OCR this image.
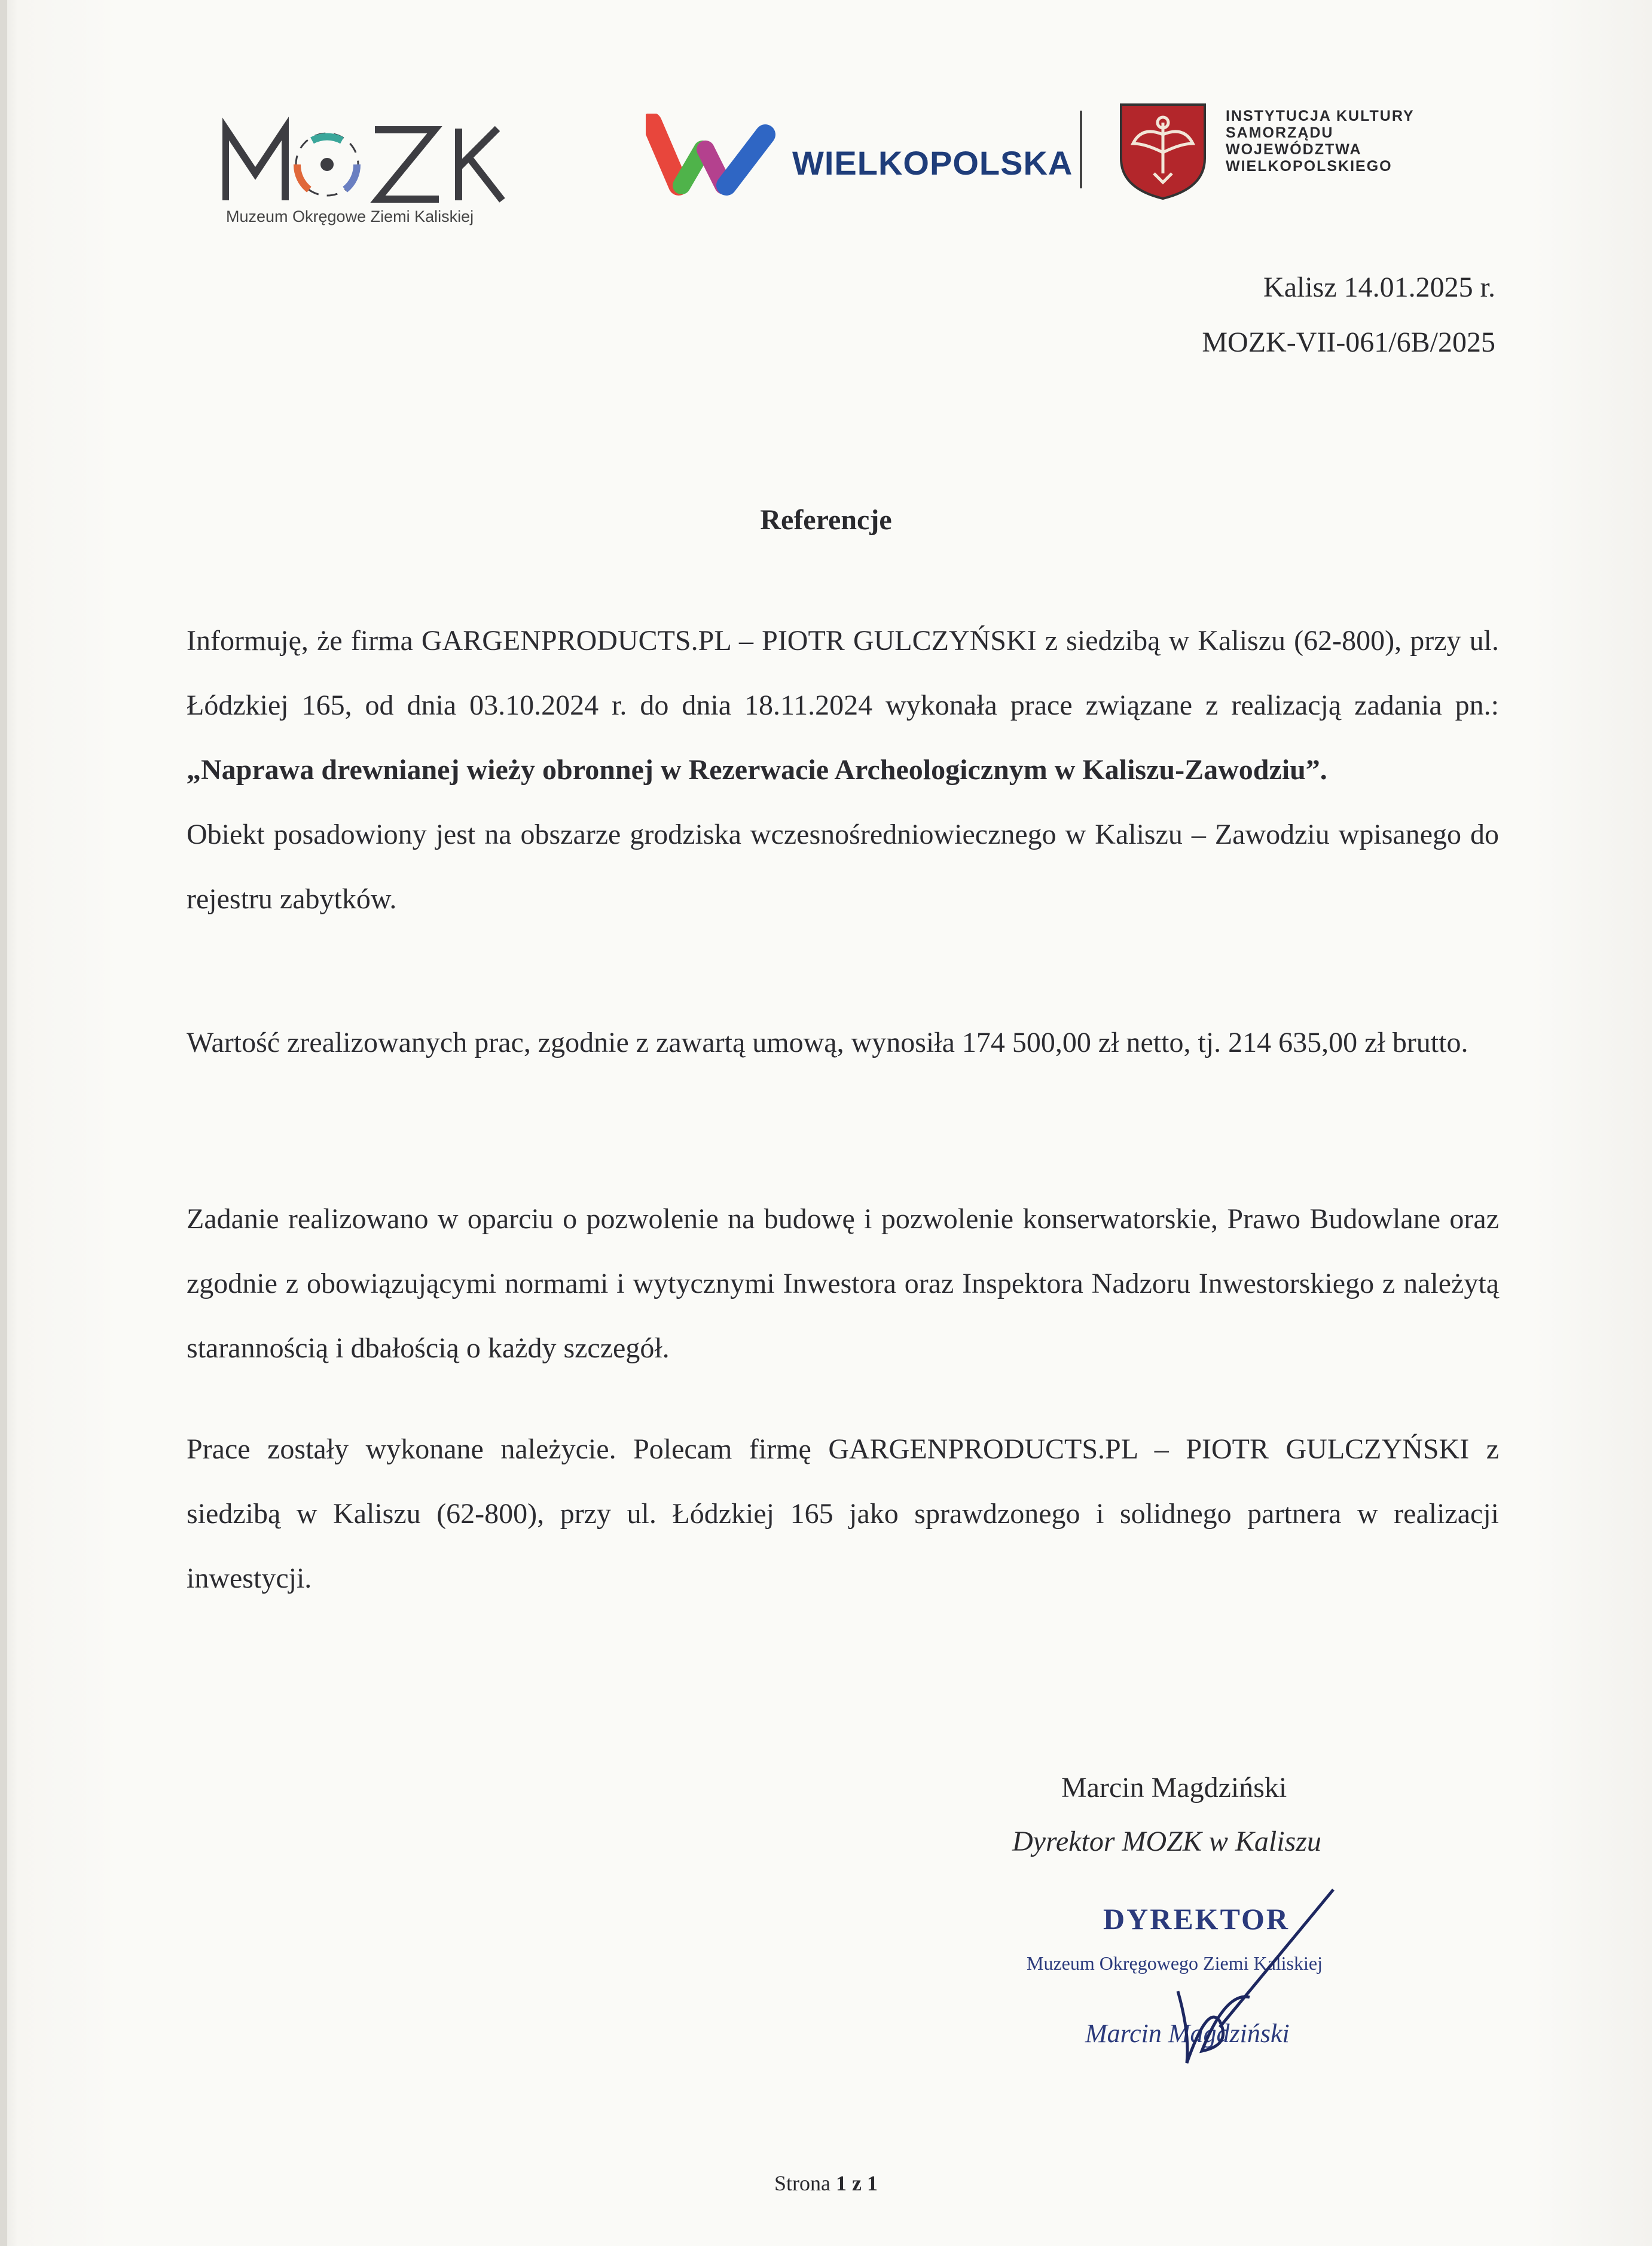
Muzeum Okręgowe Ziemi Kaliskiej
WIELKOPOLSKA
INSTYTUCJA KULTURY
SAMORZĄDU
WOJEWÓDZTWA
WIELKOPOLSKIEGO
Kalisz 14.01.2025 r.
MOZK-VII-061/6B/2025
Referencje

Informuję, że firma GARGENPRODUCTS.PL – PIOTR GULCZYŃSKI z siedzibą w Kaliszu (62-800), przy ul. Łódzkiej 165, od dnia 03.10.2024 r. do dnia 18.11.2024 wykonała prace związane z realizacją zadania pn.: „Naprawa drewnianej wieży obronnej w Rezerwacie Archeologicznym w Kaliszu-Zawodziu”.

Obiekt posadowiony jest na obszarze grodziska wczesnośredniowiecznego w Kaliszu – Zawodziu wpisanego do rejestru zabytków.

Wartość zrealizowanych prac, zgodnie z zawartą umową, wynosiła 174 500,00 zł netto, tj. 214 635,00 zł brutto.

Zadanie realizowano w oparciu o pozwolenie na budowę i pozwolenie konserwatorskie, Prawo Budowlane oraz zgodnie z obowiązującymi normami i wytycznymi Inwestora oraz Inspektora Nadzoru Inwestorskiego z należytą starannością i dbałością o każdy szczegół.

Prace zostały wykonane należycie. Polecam firmę GARGENPRODUCTS.PL – PIOTR GULCZYŃSKI z siedzibą w Kaliszu (62-800), przy ul. Łódzkiej 165 jako sprawdzonego i solidnego partnera w realizacji inwestycji.

Marcin Magdziński
Dyrektor MOZK w Kaliszu
DYREKTOR
Muzeum Okręgowego Ziemi Kaliskiej
Marcin Magdziński
Strona 1 z 1
